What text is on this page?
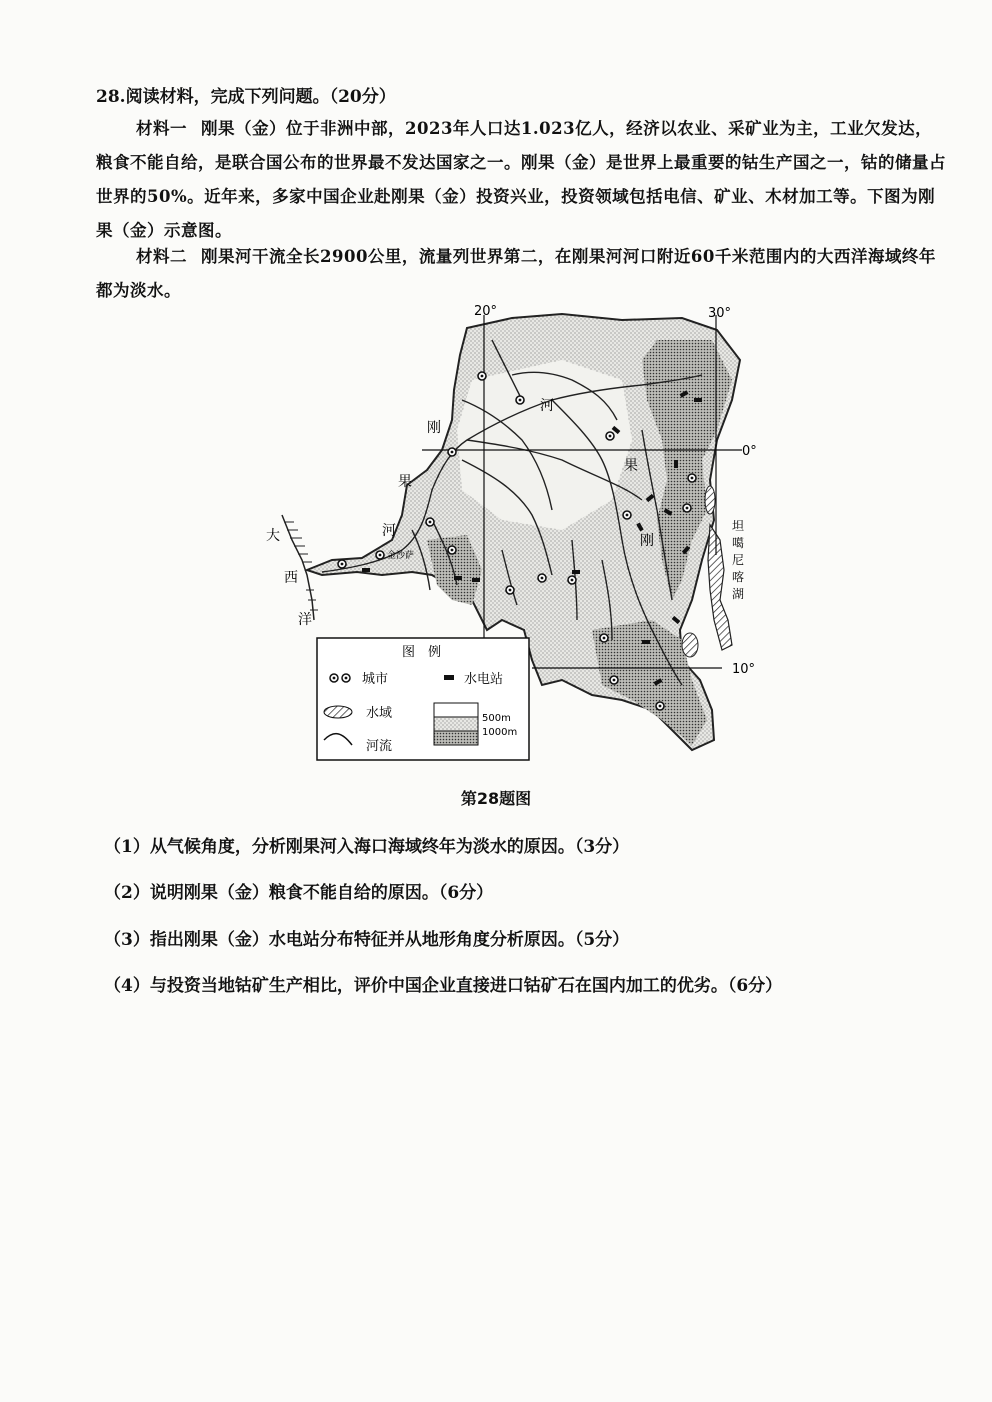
28.阅读材料，完成下列问题。（20分）
材料一 刚果（金）位于非洲中部，2023年人口达1.023亿人，经济以农业、采矿业为主，工业欠发达，粮食不能自给，是联合国公布的世界最不发达国家之一。刚果（金）是世界上最重要的钴生产国之一，钴的储量占世界的50%。近年来，多家中国企业赴刚果（金）投资兴业，投资领域包括电信、矿业、木材加工等。下图为刚果（金）示意图。
材料二 刚果河干流全长2900公里，流量列世界第二，在刚果河河口附近60千米范围内的大西洋海域终年都为淡水。
20°	30°
0°
10°
刚
果
河
河
果
刚
大
西
洋
坦
噶
尼
喀
湖
金沙萨
图　例
城市	水电站
水域
河流
500m
1000m
第28题图
（1）从气候角度，分析刚果河入海口海域终年为淡水的原因。（3分）
（2）说明刚果（金）粮食不能自给的原因。（6分）
（3）指出刚果（金）水电站分布特征并从地形角度分析原因。（5分）
（4）与投资当地钴矿生产相比，评价中国企业直接进口钴矿石在国内加工的优劣。（6分）
